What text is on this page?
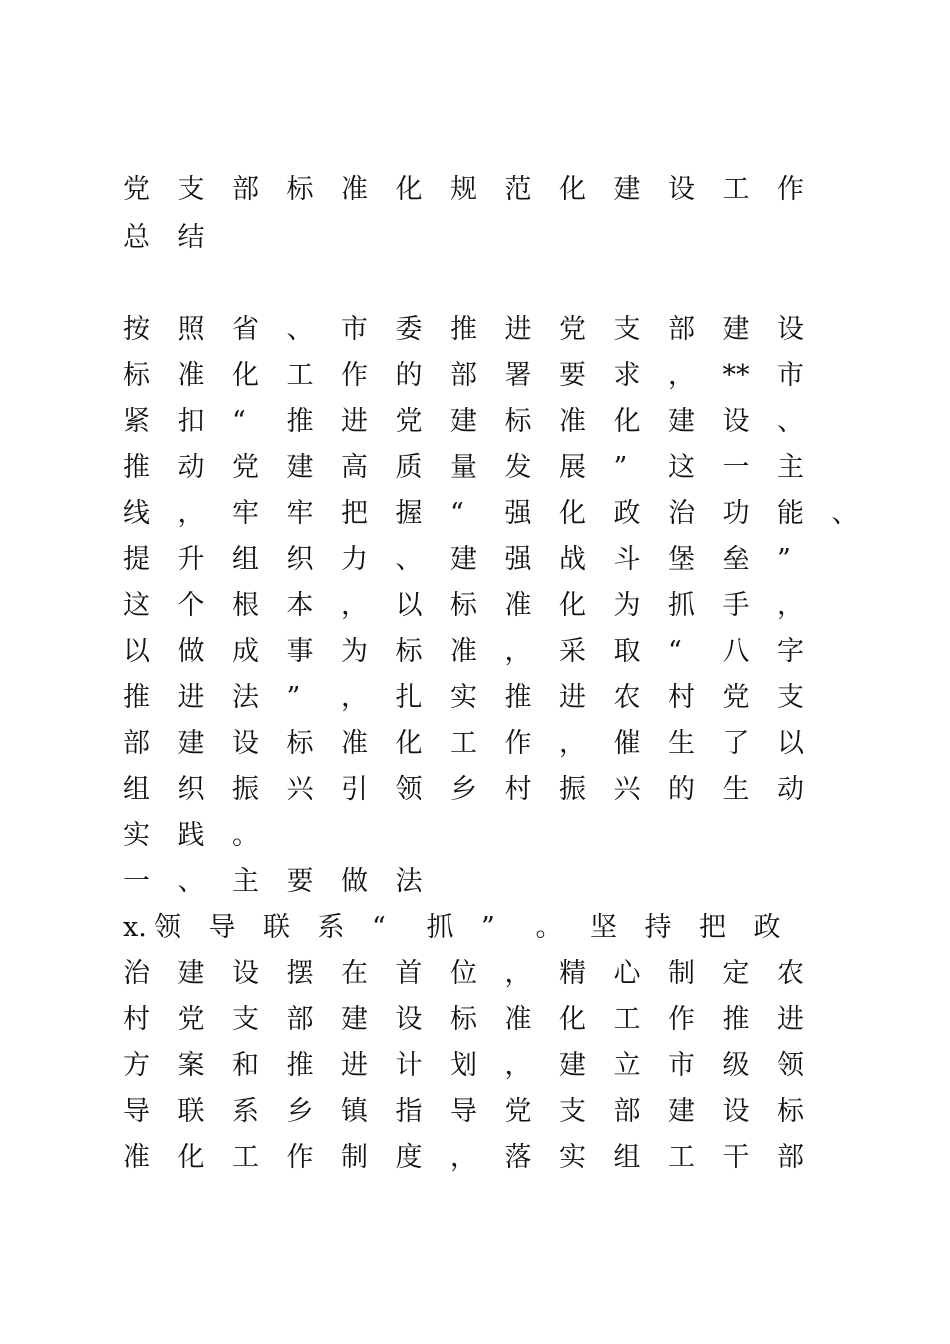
党 支 部 标 准 化 规 范 化 建 设 工 作
总 结
按 照 省 、 市 委 推 进 党 支 部 建 设
标 准 化 工 作 的 部 署 要 求 ， ** 市
紧 扣 “ 推 进 党 建 标 准 化 建 设 、
推 动 党 建 高 质 量 发 展 ” 这 一 主
线 ， 牢 牢 把 握 “ 强 化 政 治 功 能 、
提 升 组 织 力 、 建 强 战 斗 堡 垒 ”
这 个 根 本 ， 以 标 准 化 为 抓 手 ，
以 做 成 事 为 标 准 ， 采 取 “ 八 字
推 进 法 ” ， 扎 实 推 进 农 村 党 支
部 建 设 标 准 化 工 作 ， 催 生 了 以
组 织 振 兴 引 领 乡 村 振 兴 的 生 动
实 践 。
一 、 主 要 做 法
x. 领 导 联 系 “ 抓 ” 。 坚 持 把 政
治 建 设 摆 在 首 位 ， 精 心 制 定 农
村 党 支 部 建 设 标 准 化 工 作 推 进
方 案 和 推 进 计 划 ， 建 立 市 级 领
导 联 系 乡 镇 指 导 党 支 部 建 设 标
准 化 工 作 制 度 ， 落 实 组 工 干 部
